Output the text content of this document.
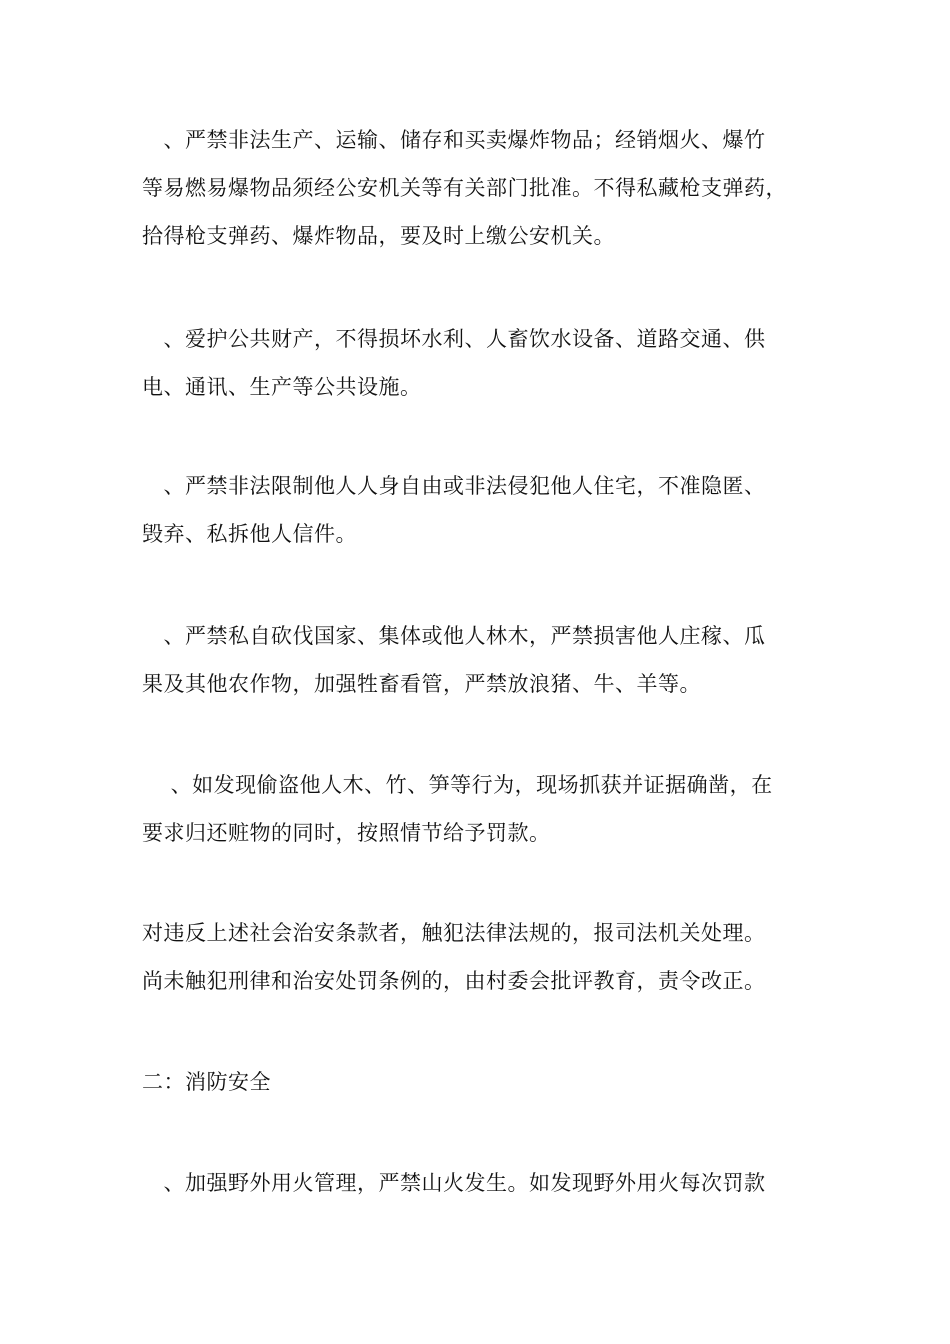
　、严禁非法生产、运输、储存和买卖爆炸物品；经销烟火、爆竹
等易燃易爆物品须经公安机关等有关部门批准。不得私藏枪支弹药，
拾得枪支弹药、爆炸物品，要及时上缴公安机关。

　、爱护公共财产，不得损坏水利、人畜饮水设备、道路交通、供
电、通讯、生产等公共设施。

　、严禁非法限制他人人身自由或非法侵犯他人住宅，不准隐匿、
毁弃、私拆他人信件。

　、严禁私自砍伐国家、集体或他人林木，严禁损害他人庄稼、瓜
果及其他农作物，加强牲畜看管，严禁放浪猪、牛、羊等。

　 、如发现偷盗他人木、竹、笋等行为，现场抓获并证据确凿，在
要求归还赃物的同时，按照情节给予罚款。

对违反上述社会治安条款者，触犯法律法规的，报司法机关处理。
尚未触犯刑律和治安处罚条例的，由村委会批评教育，责令改正。

二：消防安全

　、加强野外用火管理，严禁山火发生。如发现野外用火每次罚款
